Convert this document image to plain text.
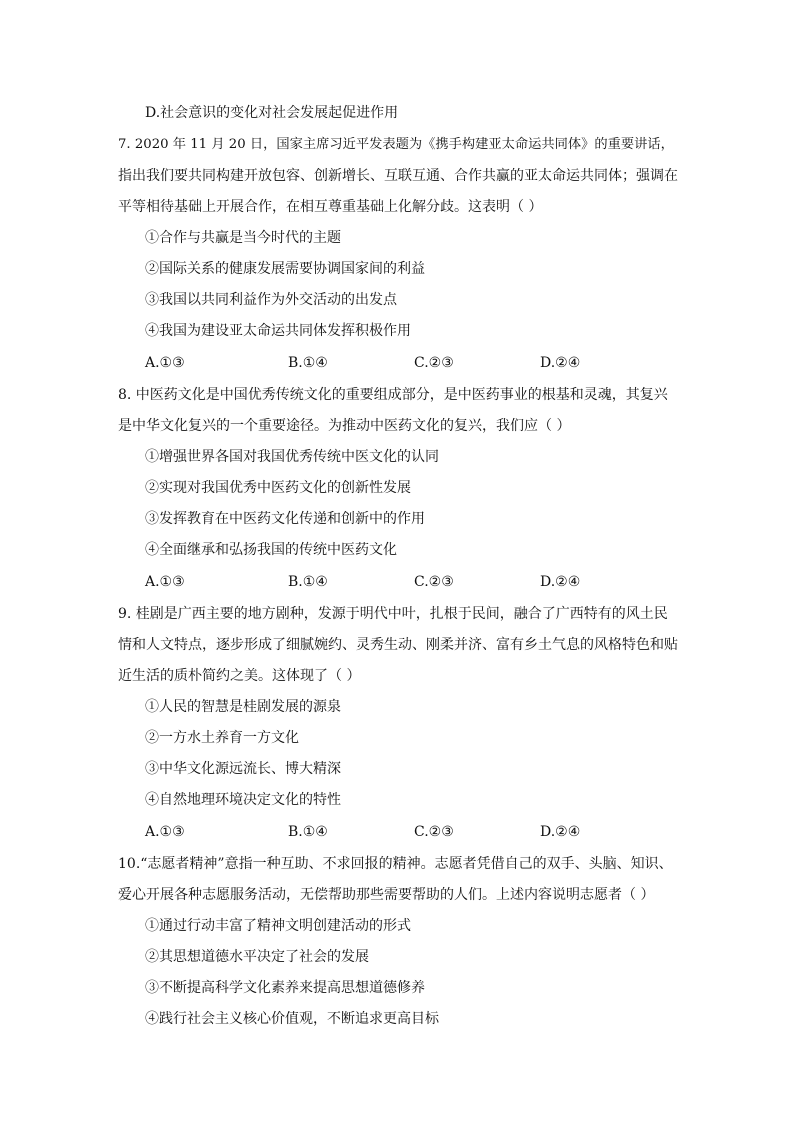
D.社会意识的变化对社会发展起促进作用
7. 2020 年 11 月 20 日，国家主席习近平发表题为《携手构建亚太命运共同体》的重要讲话，
指出我们要共同构建开放包容、创新增长、互联互通、合作共赢的亚太命运共同体；强调在
平等相待基础上开展合作，在相互尊重基础上化解分歧。这表明（ ）
①合作与共赢是当今时代的主题
②国际关系的健康发展需要协调国家间的利益
③我国以共同利益作为外交活动的出发点
④我国为建设亚太命运共同体发挥积极作用
A.①③	B.①④	C.②③	D.②④
8. 中医药文化是中国优秀传统文化的重要组成部分，是中医药事业的根基和灵魂，其复兴
是中华文化复兴的一个重要途径。为推动中医药文化的复兴，我们应（ ）
①增强世界各国对我国优秀传统中医文化的认同
②实现对我国优秀中医药文化的创新性发展
③发挥教育在中医药文化传递和创新中的作用
④全面继承和弘扬我国的传统中医药文化
A.①③	B.①④	C.②③	D.②④
9. 桂剧是广西主要的地方剧种，发源于明代中叶，扎根于民间，融合了广西特有的风土民
情和人文特点，逐步形成了细腻婉约、灵秀生动、刚柔并济、富有乡土气息的风格特色和贴
近生活的质朴简约之美。这体现了（ ）
①人民的智慧是桂剧发展的源泉
②一方水土养育一方文化
③中华文化源远流长、博大精深
④自然地理环境决定文化的特性
A.①③	B.①④	C.②③	D.②④
10.“志愿者精神”意指一种互助、不求回报的精神。志愿者凭借自己的双手、头脑、知识、
爱心开展各种志愿服务活动，无偿帮助那些需要帮助的人们。上述内容说明志愿者（ ）
①通过行动丰富了精神文明创建活动的形式
②其思想道德水平决定了社会的发展
③不断提高科学文化素养来提高思想道德修养
④践行社会主义核心价值观，不断追求更高目标
